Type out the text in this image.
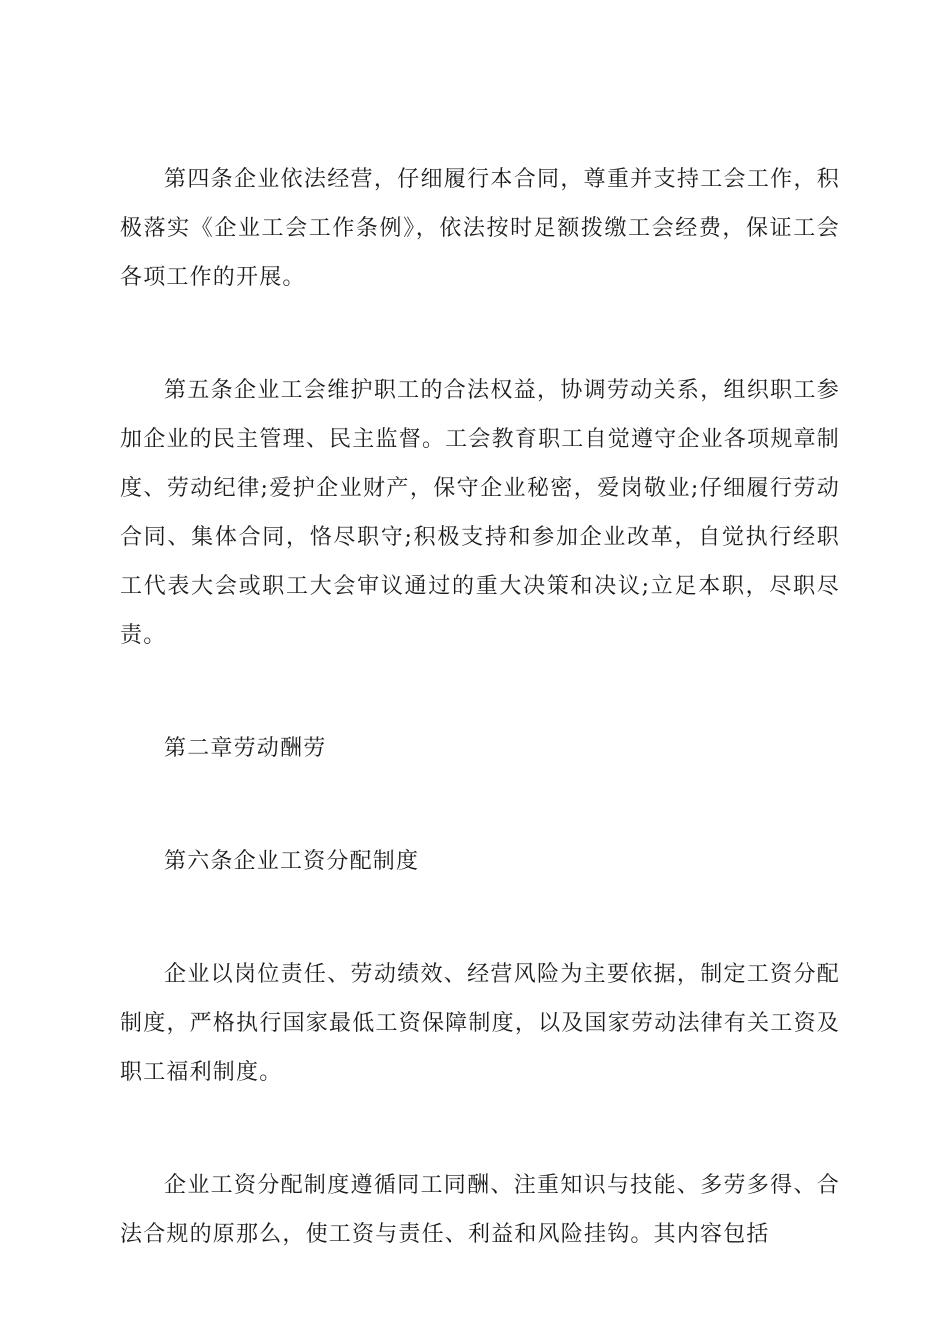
第四条企业依法经营，仔细履行本合同，尊重并支持工会工作，积极落实《企业工会工作条例》，依法按时足额拨缴工会经费，保证工会各项工作的开展。

第五条企业工会维护职工的合法权益，协调劳动关系，组织职工参加企业的民主管理、民主监督。工会教育职工自觉遵守企业各项规章制度、劳动纪律;爱护企业财产，保守企业秘密，爱岗敬业;仔细履行劳动合同、集体合同，恪尽职守;积极支持和参加企业改革，自觉执行经职工代表大会或职工大会审议通过的重大决策和决议;立足本职，尽职尽责。

第二章劳动酬劳

第六条企业工资分配制度

企业以岗位责任、劳动绩效、经营风险为主要依据，制定工资分配制度，严格执行国家最低工资保障制度，以及国家劳动法律有关工资及职工福利制度。

企业工资分配制度遵循同工同酬、注重知识与技能、多劳多得、合法合规的原那么，使工资与责任、利益和风险挂钩。其内容包括
